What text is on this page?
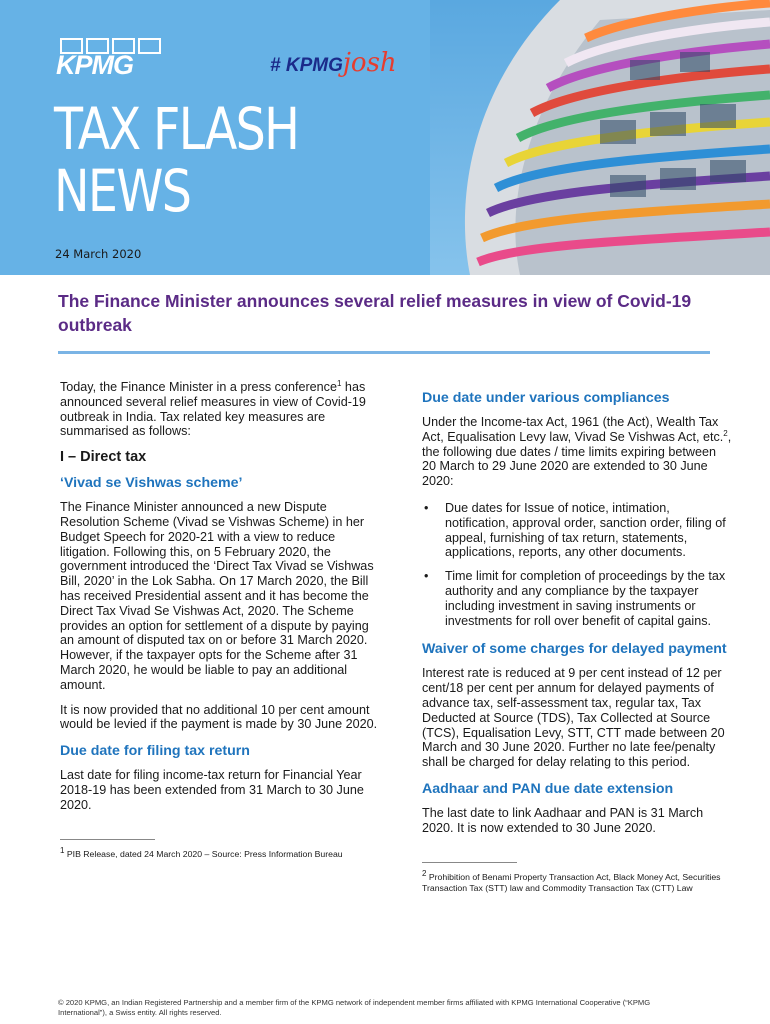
KPMG	# KPMGjosh
TAX FLASH
NEWS
24 March 2020
The Finance Minister announces several relief measures in view of Covid-19 outbreak
Today, the Finance Minister in a press conference$^1$ has announced several relief measures in view of Covid-19 outbreak in India. Tax related key measures are summarised as follows:
I – Direct tax
‘Vivad se Vishwas scheme’
The Finance Minister announced a new Dispute Resolution Scheme (Vivad se Vishwas Scheme) in her Budget Speech for 2020-21 with a view to reduce litigation. Following this, on 5 February 2020, the government introduced the ‘Direct Tax Vivad se Vishwas Bill, 2020’ in the Lok Sabha. On 17 March 2020, the Bill has received Presidential assent and it has become the Direct Tax Vivad Se Vishwas Act, 2020. The Scheme provides an option for settlement of a dispute by paying an amount of disputed tax on or before 31 March 2020. However, if the taxpayer opts for the Scheme after 31 March 2020, he would be liable to pay an additional amount.
It is now provided that no additional 10 per cent amount would be levied if the payment is made by 30 June 2020.
Due date for filing tax return
Last date for filing income-tax return for Financial Year 2018-19 has been extended from 31 March to 30 June 2020.
$^1$ PIB Release, dated 24 March 2020 – Source: Press Information Bureau
Due date under various compliances
Under the Income-tax Act, 1961 (the Act), Wealth Tax Act, Equalisation Levy law, Vivad Se Vishwas Act, etc.$^2$, the following due dates / time limits expiring between 20 March to 29 June 2020 are extended to 30 June 2020:
• Due dates for Issue of notice, intimation, notification, approval order, sanction order, filing of appeal, furnishing of tax return, statements, applications, reports, any other documents.
• Time limit for completion of proceedings by the tax authority and any compliance by the taxpayer including investment in saving instruments or investments for roll over benefit of capital gains.
Waiver of some charges for delayed payment
Interest rate is reduced at 9 per cent instead of 12 per cent/18 per cent per annum for delayed payments of advance tax, self-assessment tax, regular tax, Tax Deducted at Source (TDS), Tax Collected at Source (TCS), Equalisation Levy, STT, CTT made between 20 March and 30 June 2020. Further no late fee/penalty shall be charged for delay relating to this period.
Aadhaar and PAN due date extension
The last date to link Aadhaar and PAN is 31 March 2020. It is now extended to 30 June 2020.
$^2$ Prohibition of Benami Property Transaction Act, Black Money Act, Securities Transaction Tax (STT) law and Commodity Transaction Tax (CTT) Law
© 2020 KPMG, an Indian Registered Partnership and a member firm of the KPMG network of independent member firms affiliated with KPMG International Cooperative (“KPMG International”), a Swiss entity. All rights reserved.
